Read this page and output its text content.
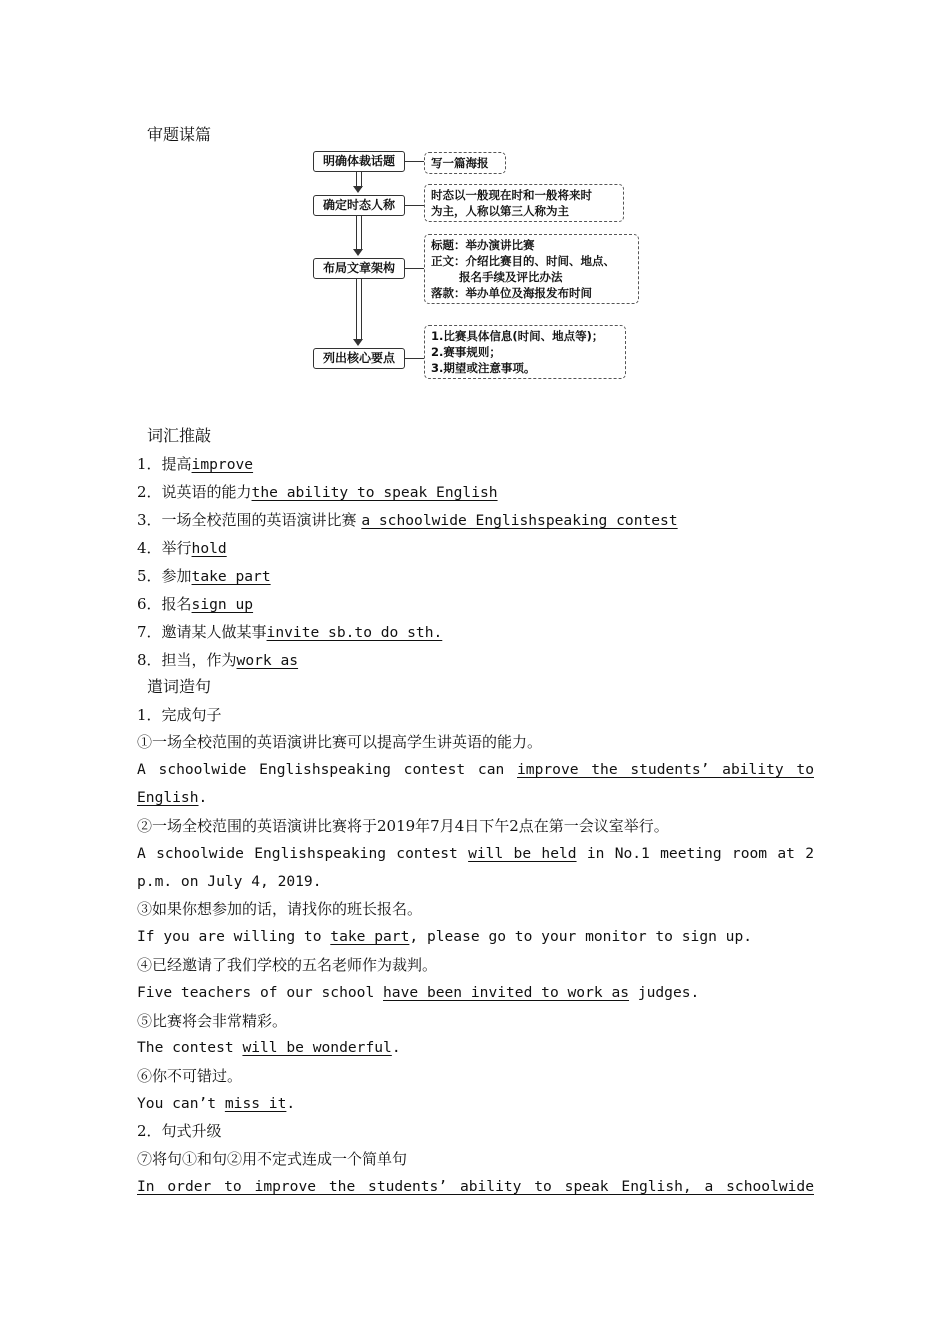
审题谋篇
明确体裁话题
确定时态人称
布局文章架构
列出核心要点
写一篇海报
时态以一般现在时和一般将来时
为主，人称以第三人称为主
标题：举办演讲比赛
正文：介绍比赛目的、时间、地点、
报名手续及评比办法
落款：举办单位及海报发布时间
1.比赛具体信息(时间、地点等)；
2.赛事规则；
3.期望或注意事项。
词汇推敲
1．提高improve
2．说英语的能力the ability to speak English
3．一场全校范围的英语演讲比赛 a schoolwide Englishspeaking contest
4．举行hold
5．参加take part
6．报名sign up
7．邀请某人做某事invite sb.to do sth.
8．担当，作为work as
遣词造句
1．完成句子
①一场全校范围的英语演讲比赛可以提高学生讲英语的能力。
A schoolwide Englishspeaking contest can improve the students’ ability to
English.
②一场全校范围的英语演讲比赛将于2019年7月4日下午2点在第一会议室举行。
A schoolwide Englishspeaking contest will be held in No.1 meeting room at 2
p.m. on July 4, 2019.
③如果你想参加的话，请找你的班长报名。
If you are willing to take part, please go to your monitor to sign up.
④已经邀请了我们学校的五名老师作为裁判。
Five teachers of our school have been invited to work as judges.
⑤比赛将会非常精彩。
The contest will be wonderful.
⑥你不可错过。
You can’t miss it.
2．句式升级
⑦将句①和句②用不定式连成一个简单句
In order to improve the students’ ability to speak English, a schoolwide
